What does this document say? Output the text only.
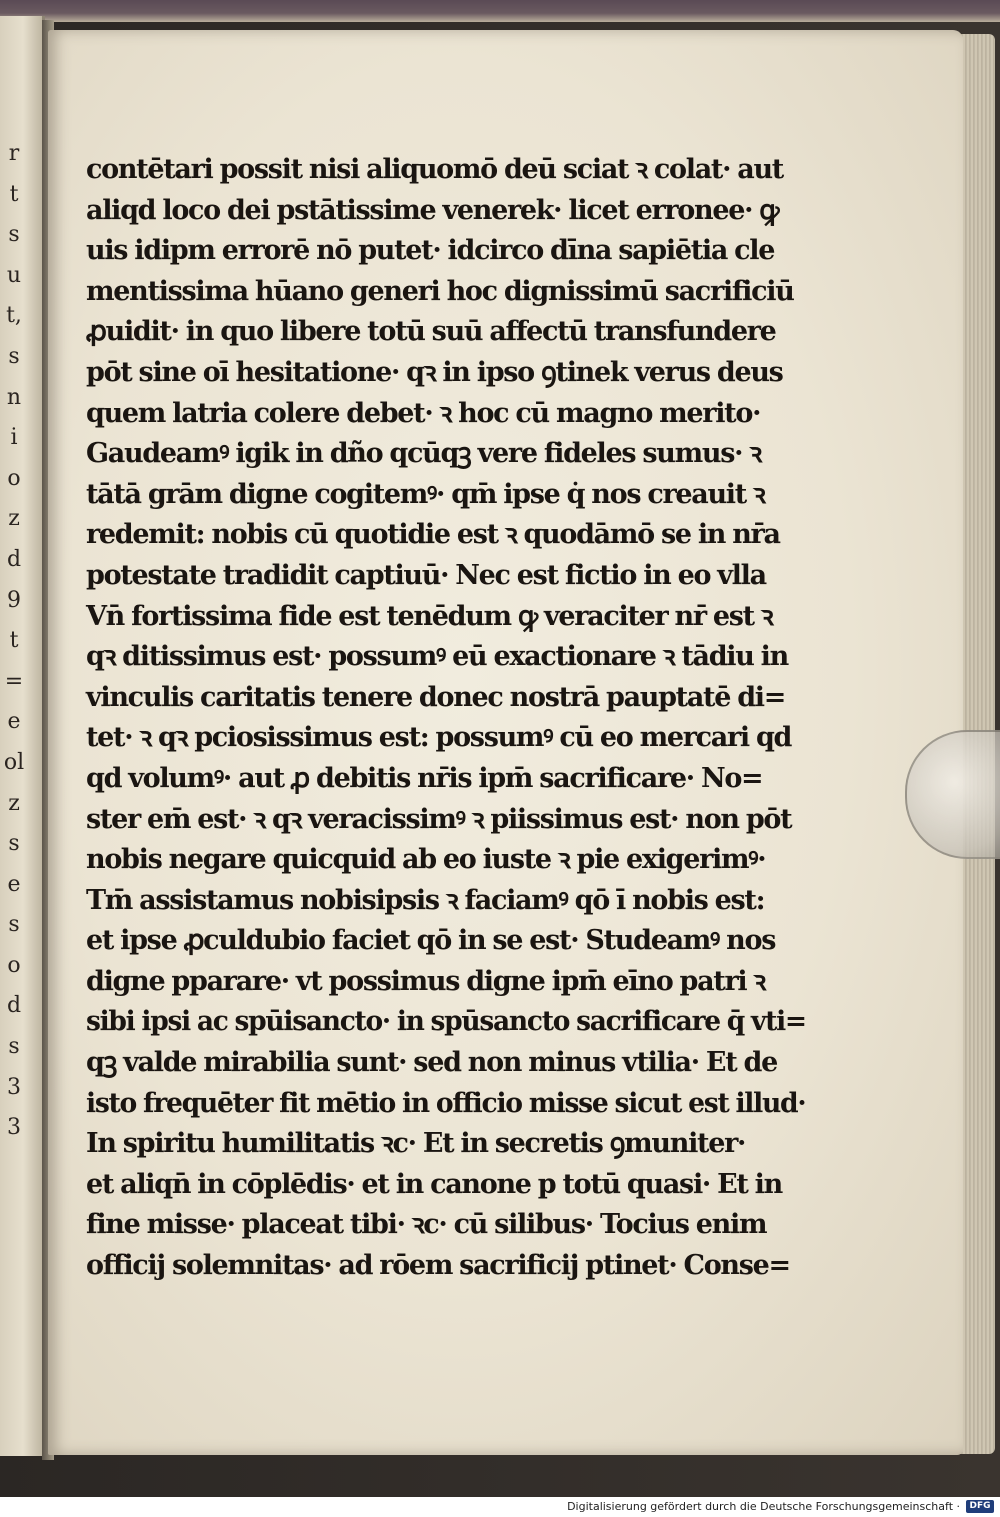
r
t
s
u
t,
s
n
i
o
z
d
9
t
=
e
ol
z
s
e
s
o
d
s
3
3
contētari possit nisi aliquomō deū sciat ꝛ colat· aut
aliqd loco dei pstātissime venerek· licet erronee· ꝙ
uis idipm errorē nō putet· idcirco dīna sapiētia cle
mentissima hūano generi hoc dignissimū sacrificiū
ꝓuidit· in quo libere totū suū affectū transfundere
pōt sine oī hesitatione· qꝛ in ipso ꝯtinek verus deus
quem latria colere debet· ꝛ hoc cū magno merito·
Gaudeamꝰ igik in dño qcūqꝫ vere fideles sumus· ꝛ
tātā grām digne cogitemꝰ· qm̄ ipse q̇ nos creauit ꝛ
redemit: nobis cū quotidie est ꝛ quodāmō se in nr̄a
potestate tradidit captiuū· Nec est fictio in eo vlla
Vn̄ fortissima fide est tenēdum ꝙ veraciter nr̄ est ꝛ
qꝛ ditissimus est· possumꝰ eū exactionare ꝛ tādiu in
vinculis caritatis tenere donec nostrā pauptatē di=
tet· ꝛ qꝛ pciosissimus est: possumꝰ cū eo mercari qd
qd volumꝰ· aut ꝓ debitis nr̄is ipm̄ sacrificare· No=
ster em̄ est· ꝛ qꝛ veracissimꝰ ꝛ piissimus est· non pōt
nobis negare quicquid ab eo iuste ꝛ pie exigerimꝰ·
Tm̄ assistamus nobisipsis ꝛ faciamꝰ qō ī nobis est:
et ipse ꝓculdubio faciet qō in se est· Studeamꝰ nos
digne pparare· vt possimus digne ipm̄ eīno patri ꝛ
sibi ipsi ac spūisancto· in spūsancto sacrificare q̄ vti=
qꝫ valde mirabilia sunt· sed non minus vtilia· Et de
isto frequēter fit mētio in officio misse sicut est illud·
In spiritu humilitatis ꝛc· Et in secretis ꝯmuniter·
et aliqn̄ in cōplēdis· et in canone p totū quasi· Et in
fine misse· placeat tibi· ꝛc· cū silibus· Tocius enim
officij solemnitas· ad rōem sacrificij ptinet· Conse=
Digitalisierung gefördert durch die Deutsche Forschungsgemeinschaft ·	DFG
